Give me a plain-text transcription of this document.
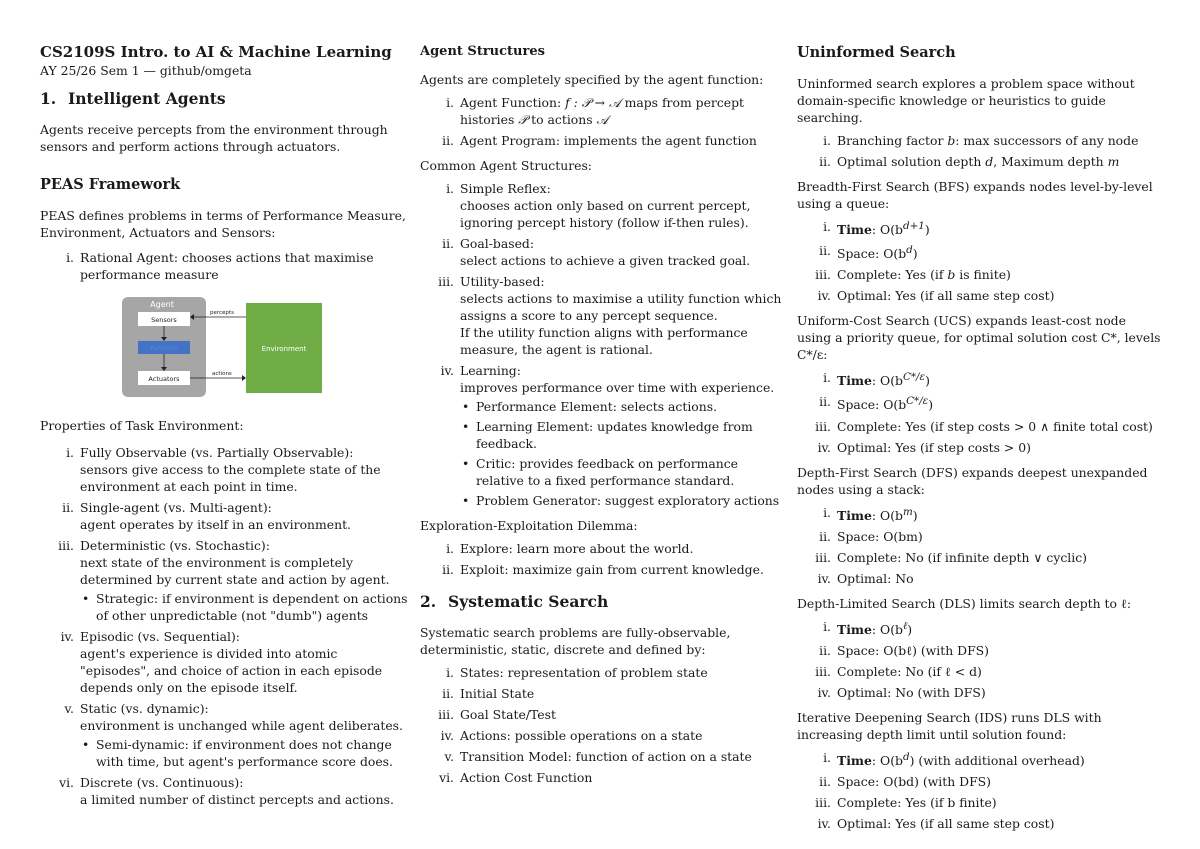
CS2109S Intro. to AI & Machine Learning
AY 25/26 Sem 1 — github/omgeta
1. Intelligent Agents

Agents receive percepts from the environment through sensors and perform actions through actuators.

PEAS Framework

PEAS defines problems in terms of Performance Measure, Environment, Actuators and Sensors:

i. Rational Agent: chooses actions that maximise performance measure
Agent
Sensors
Function
Actuators
Environment
percepts
actions

Properties of Task Environment:

i. Fully Observable (vs. Partially Observable):
sensors give access to the complete state of the environment at each point in time.
ii. Single-agent (vs. Multi-agent):
agent operates by itself in an environment.
iii. Deterministic (vs. Stochastic):
next state of the environment is completely determined by current state and action by agent.
• Strategic: if environment is dependent on actions of other unpredictable (not "dumb") agents
iv. Episodic (vs. Sequential):
agent's experience is divided into atomic "episodes", and choice of action in each episode depends only on the episode itself.
v. Static (vs. dynamic):
environment is unchanged while agent deliberates.
• Semi-dynamic: if environment does not change with time, but agent's performance score does.
vi. Discrete (vs. Continuous):
a limited number of distinct percepts and actions.
Agent Structures

Agents are completely specified by the agent function:

i. Agent Function: f : 𝒫 → 𝒜 maps from percept histories 𝒫 to actions 𝒜
ii. Agent Program: implements the agent function

Common Agent Structures:

i. Simple Reflex:
chooses action only based on current percept, ignoring percept history (follow if-then rules).
ii. Goal-based:
select actions to achieve a given tracked goal.
iii. Utility-based:
selects actions to maximise a utility function which assigns a score to any percept sequence.
If the utility function aligns with performance measure, the agent is rational.
iv. Learning:
improves performance over time with experience.
• Performance Element: selects actions.
• Learning Element: updates knowledge from feedback.
• Critic: provides feedback on performance relative to a fixed performance standard.
• Problem Generator: suggest exploratory actions

Exploration-Exploitation Dilemma:

i. Explore: learn more about the world.
ii. Exploit: maximize gain from current knowledge.
2. Systematic Search

Systematic search problems are fully-observable, deterministic, static, discrete and defined by:

i. States: representation of problem state
ii. Initial State
iii. Goal State/Test
iv. Actions: possible operations on a state
v. Transition Model: function of action on a state
vi. Action Cost Function
Uninformed Search

Uninformed search explores a problem space without domain-specific knowledge or heuristics to guide searching.

i. Branching factor b: max successors of any node
ii. Optimal solution depth d, Maximum depth m

Breadth-First Search (BFS) expands nodes level-by-level using a queue:

i. Time: $O(b^{d+1})$
ii. Space: $O(b^d)$
iii. Complete: Yes (if b is finite)
iv. Optimal: Yes (if all same step cost)

Uniform-Cost Search (UCS) expands least-cost node using a priority queue, for optimal solution cost C*, levels C*/ε:

i. Time: $O(b^{C*/\varepsilon})$
ii. Space: $O(b^{C*/\varepsilon})$
iii. Complete: Yes (if step costs > 0 ∧ finite total cost)
iv. Optimal: Yes (if step costs > 0)

Depth-First Search (DFS) expands deepest unexpanded nodes using a stack:

i. Time: $O(b^m)$
ii. Space: O(bm)
iii. Complete: No (if infinite depth ∨ cyclic)
iv. Optimal: No

Depth-Limited Search (DLS) limits search depth to ℓ:

i. Time: $O(b^\ell)$
ii. Space: O(bℓ) (with DFS)
iii. Complete: No (if ℓ < d)
iv. Optimal: No (with DFS)

Iterative Deepening Search (IDS) runs DLS with increasing depth limit until solution found:

i. Time: $O(b^d)$ (with additional overhead)
ii. Space: O(bd) (with DFS)
iii. Complete: Yes (if b finite)
iv. Optimal: Yes (if all same step cost)
